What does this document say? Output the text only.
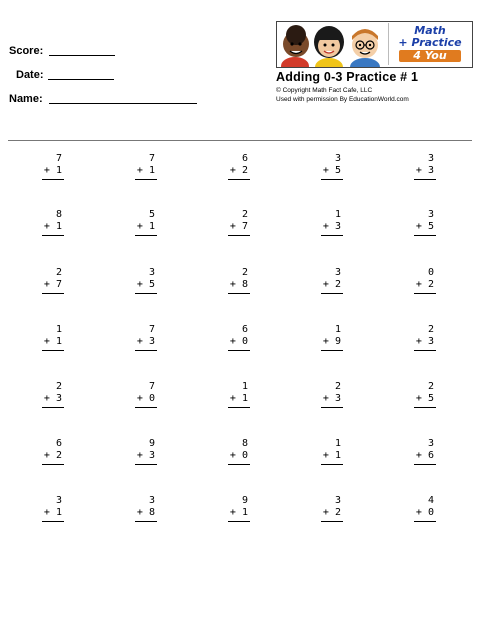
Score:
Date:
Name:
Math
+ Practice
4 You
Adding 0-3 Practice # 1
© Copyright Math Fact Cafe, LLC
Used with permission By EducationWorld.com
7
+ 1
7
+ 1
6
+ 2
3
+ 5
3
+ 3
8
+ 1
5
+ 1
2
+ 7
1
+ 3
3
+ 5
2
+ 7
3
+ 5
2
+ 8
3
+ 2
0
+ 2
1
+ 1
7
+ 3
6
+ 0
1
+ 9
2
+ 3
2
+ 3
7
+ 0
1
+ 1
2
+ 3
2
+ 5
6
+ 2
9
+ 3
8
+ 0
1
+ 1
3
+ 6
3
+ 1
3
+ 8
9
+ 1
3
+ 2
4
+ 0
